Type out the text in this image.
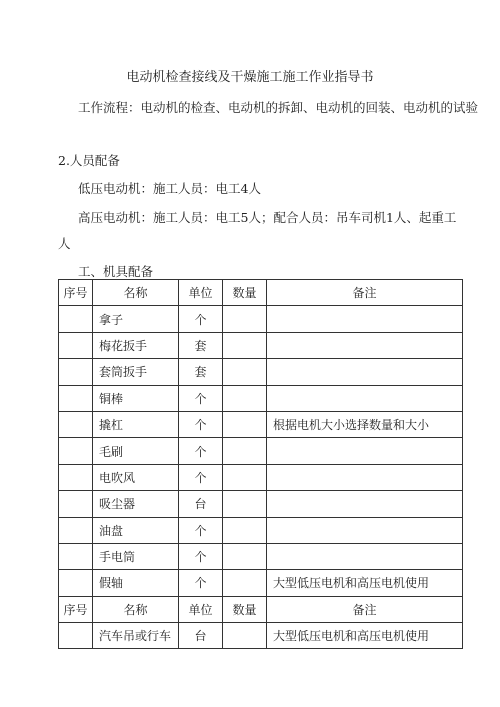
电动机检查接线及干燥施工施工作业指导书
工作流程：电动机的检查、电动机的拆卸、电动机的回装、电动机的试验
2.人员配备
低压电动机：施工人员：电工4人
高压电动机：施工人员：电工5人；配合人员：吊车司机1人、起重工
人
工、机具配备
序号	名称	单位	数量	备注
	拿子	个		
	梅花扳手	套		
	套筒扳手	套		
	铜棒	个		
	撬杠	个		根据电机大小选择数量和大小
	毛刷	个		
	电吹风	个		
	吸尘器	台		
	油盘	个		
	手电筒	个		
	假轴	个		大型低压电机和高压电机使用
序号	名称	单位	数量	备注
	汽车吊或行车	台		大型低压电机和高压电机使用
